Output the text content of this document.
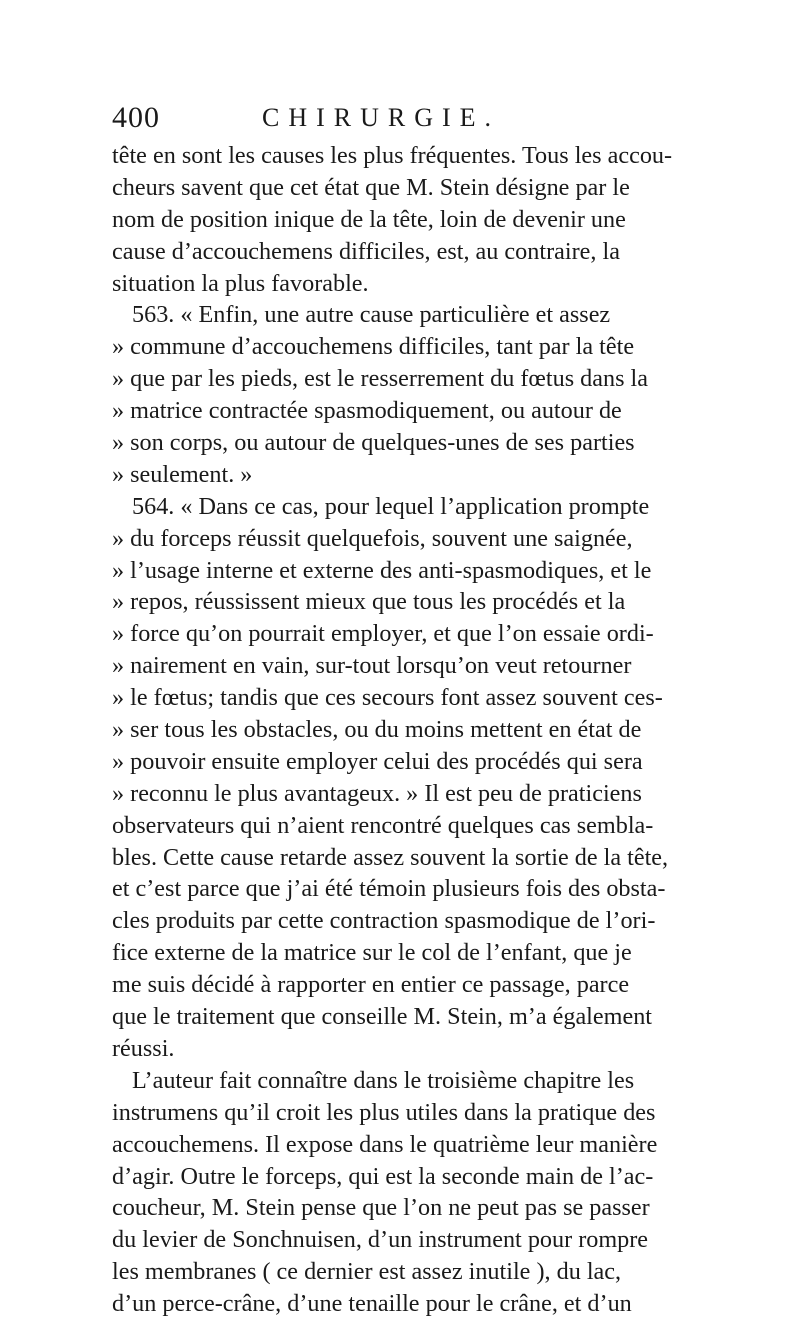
400	CHIRURGIE.
tête en sont les causes les plus fréquentes. Tous les accou-
cheurs savent que cet état que M. Stein désigne par le
nom de position inique de la tête, loin de devenir une
cause d’accouchemens difficiles, est, au contraire, la
situation la plus favorable.
563. « Enfin, une autre cause particulière et assez
» commune d’accouchemens difficiles, tant par la tête
» que par les pieds, est le resserrement du fœtus dans la
» matrice contractée spasmodiquement, ou autour de
» son corps, ou autour de quelques-unes de ses parties
» seulement. »
564. « Dans ce cas, pour lequel l’application prompte
» du forceps réussit quelquefois, souvent une saignée,
» l’usage interne et externe des anti-spasmodiques, et le
» repos, réussissent mieux que tous les procédés et la
» force qu’on pourrait employer, et que l’on essaie ordi-
» nairement en vain, sur-tout lorsqu’on veut retourner
» le fœtus; tandis que ces secours font assez souvent ces-
» ser tous les obstacles, ou du moins mettent en état de
» pouvoir ensuite employer celui des procédés qui sera
» reconnu le plus avantageux. » Il est peu de praticiens
observateurs qui n’aient rencontré quelques cas sembla-
bles. Cette cause retarde assez souvent la sortie de la tête,
et c’est parce que j’ai été témoin plusieurs fois des obsta-
cles produits par cette contraction spasmodique de l’ori-
fice externe de la matrice sur le col de l’enfant, que je
me suis décidé à rapporter en entier ce passage, parce
que le traitement que conseille M. Stein, m’a également
réussi.
L’auteur fait connaître dans le troisième chapitre les
instrumens qu’il croit les plus utiles dans la pratique des
accouchemens. Il expose dans le quatrième leur manière
d’agir. Outre le forceps, qui est la seconde main de l’ac-
coucheur, M. Stein pense que l’on ne peut pas se passer
du levier de Sonchnuisen, d’un instrument pour rompre
les membranes ( ce dernier est assez inutile ), du lac,
d’un perce-crâne, d’une tenaille pour le crâne, et d’un
